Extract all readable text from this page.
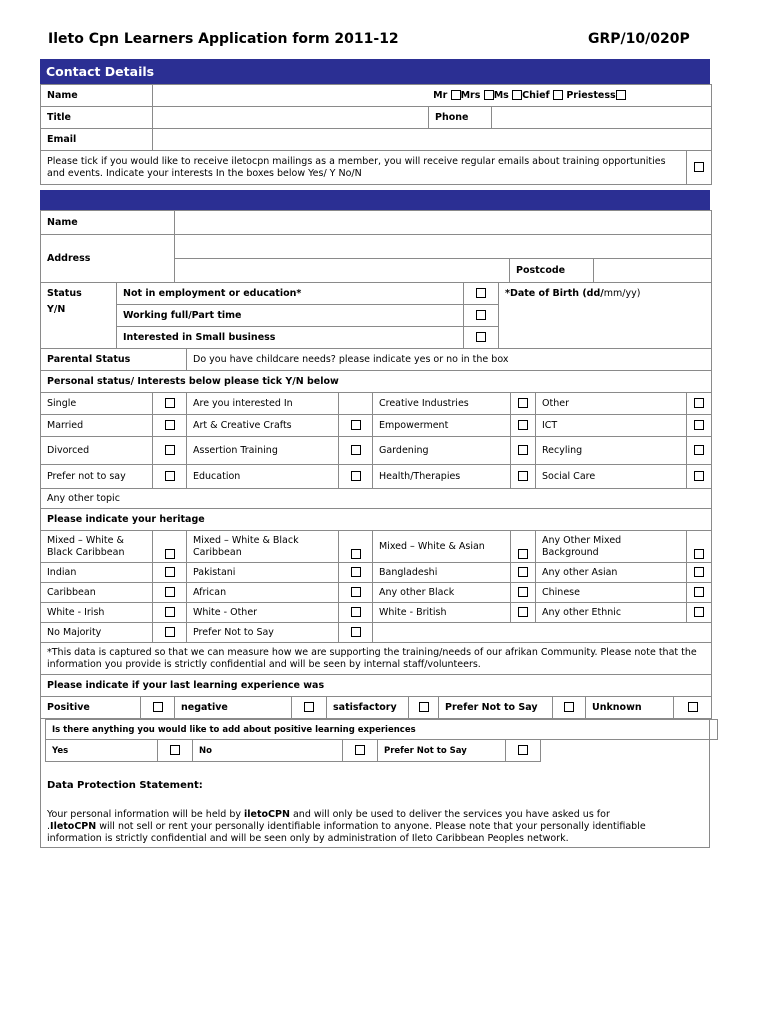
Ileto Cpn Learners Application form 2011-12	GRP/10/020P
Contact Details
Name	Mr Mrs Ms Chief Priestess		
Title		Phone	
Email			
Please tick if you would like to receive iletocpn mailings as a member, you will receive regular emails about training opportunities and events. Indicate your interests In the boxes below Yes/ Y No/N	
Name	
Address			
		Postcode	
Status
Y/N	Not in employment or education*		*Date of Birth (dd/mm/yy)
	Working full/Part time		
	Interested in Small business		
Parental Status	Do you have childcare needs? please indicate yes or no in the box
Personal status/ Interests below please tick Y/N below
Single		Are you interested In		Creative Industries		Other	
Married		Art & Creative Crafts		Empowerment		ICT	
Divorced		Assertion Training		Gardening		Recyling	
Prefer not to say		Education		Health/Therapies		Social Care	
Any other topic							
Please indicate your heritage							
Mixed – White & Black Caribbean		Mixed – White & Black Caribbean		Mixed – White & Asian		Any Other Mixed Background	
Indian		Pakistani		Bangladeshi		Any other Asian	
Caribbean		African		Any other Black		Chinese	
White - Irish		White - Other		White - British		Any other Ethnic	
No Majority		Prefer Not to Say					
*This data is captured so that we can measure how we are supporting the training/needs of our afrikan Community. Please note that the information you provide is strictly confidential and will be seen by internal staff/volunteers.							
Please indicate if your last learning experience was							
Positive		negative		satisfactory		Prefer Not to Say		Unknown	
Is there anything you would like to add about positive learning experiences
Yes		No		Prefer Not to Say		
Data Protection Statement:
Your personal information will be held by iletoCPN and will only be used to deliver the services you have asked us for
.IletoCPN will not sell or rent your personally identifiable information to anyone. Please note that your personally identifiable
information is strictly confidential and will be seen only by administration of Ileto Caribbean Peoples network.
